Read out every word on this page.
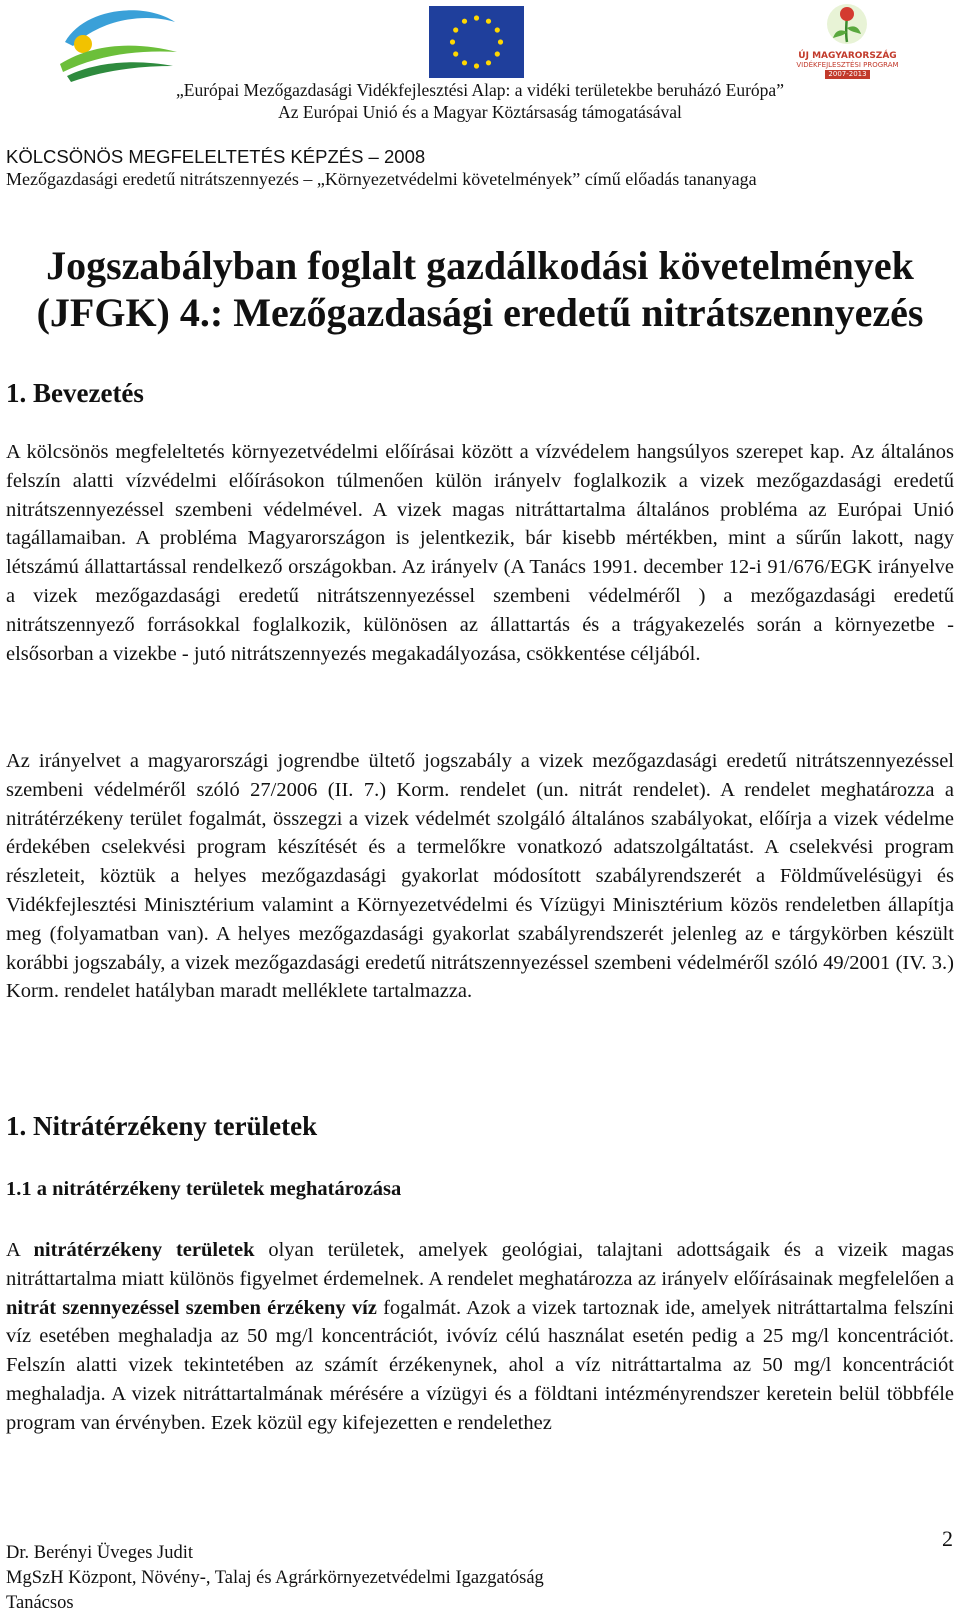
ÚJ MAGYARORSZÁG
VIDÉKFEJLESZTÉSI PROGRAM
2007-2013
„Európai Mezőgazdasági Vidékfejlesztési Alap: a vidéki területekbe beruházó Európa”
Az Európai Unió és a Magyar Köztársaság támogatásával
KÖLCSÖNÖS MEGFELELTETÉS KÉPZÉS – 2008
Mezőgazdasági eredetű nitrátszennyezés – „Környezetvédelmi követelmények” című előadás tananyaga
Jogszabályban foglalt gazdálkodási követelmények
(JFGK) 4.: Mezőgazdasági eredetű nitrátszennyezés
1. Bevezetés

A kölcsönös megfeleltetés környezetvédelmi előírásai között a vízvédelem hangsúlyos szerepet kap. Az általános felszín alatti vízvédelmi előírásokon túlmenően külön irányelv foglalkozik a vizek mezőgazdasági eredetű nitrátszennyezéssel szembeni védelmével. A vizek magas nitráttartalma általános probléma az Európai Unió tagállamaiban. A probléma Magyarországon is jelentkezik, bár kisebb mértékben, mint a sűrűn lakott, nagy létszámú állattartással rendelkező országokban. Az irányelv (A Tanács 1991. december 12-i 91/676/EGK irányelve a vizek mezőgazdasági eredetű nitrátszennyezéssel szembeni védelméről ) a mezőgazdasági eredetű nitrátszennyező forrásokkal foglalkozik, különösen az állattartás és a trágyakezelés során a környezetbe - elsősorban a vizekbe - jutó nitrátszennyezés megakadályozása, csökkentése céljából.

Az irányelvet a magyarországi jogrendbe ültető jogszabály a vizek mezőgazdasági eredetű nitrátszennyezéssel szembeni védelméről szóló 27/2006 (II. 7.) Korm. rendelet (un. nitrát rendelet). A rendelet meghatározza a nitrátérzékeny terület fogalmát, összegzi a vizek védelmét szolgáló általános szabályokat, előírja a vizek védelme érdekében cselekvési program készítését és a termelőkre vonatkozó adatszolgáltatást. A cselekvési program részleteit, köztük a helyes mezőgazdasági gyakorlat módosított szabályrendszerét a Földművelésügyi és Vidékfejlesztési Minisztérium valamint a Környezetvédelmi és Vízügyi Minisztérium közös rendeletben állapítja meg (folyamatban van). A helyes mezőgazdasági gyakorlat szabályrendszerét jelenleg az e tárgykörben készült korábbi jogszabály, a vizek mezőgazdasági eredetű nitrátszennyezéssel szembeni védelméről szóló 49/2001 (IV. 3.) Korm. rendelet hatályban maradt melléklete tartalmazza.

1. Nitrátérzékeny területek
1.1 a nitrátérzékeny területek meghatározása

A nitrátérzékeny területek olyan területek, amelyek geológiai, talajtani adottságaik és a vizeik magas nitráttartalma miatt különös figyelmet érdemelnek. A rendelet meghatározza az irányelv előírásainak megfelelően a nitrát szennyezéssel szemben érzékeny víz fogalmát. Azok a vizek tartoznak ide, amelyek nitráttartalma felszíni víz esetében meghaladja az 50 mg/l koncentrációt, ivóvíz célú használat esetén pedig a 25 mg/l koncentrációt. Felszín alatti vizek tekintetében az számít érzékenynek, ahol a víz nitráttartalma az 50 mg/l koncentrációt meghaladja. A vizek nitráttartalmának mérésére a vízügyi és a földtani intézményrendszer keretein belül többféle program van érvényben. Ezek közül egy kifejezetten e rendelethez

2
Dr. Berényi Üveges Judit
MgSzH Központ, Növény-, Talaj és Agrárkörnyezetvédelmi Igazgatóság
Tanácsos
